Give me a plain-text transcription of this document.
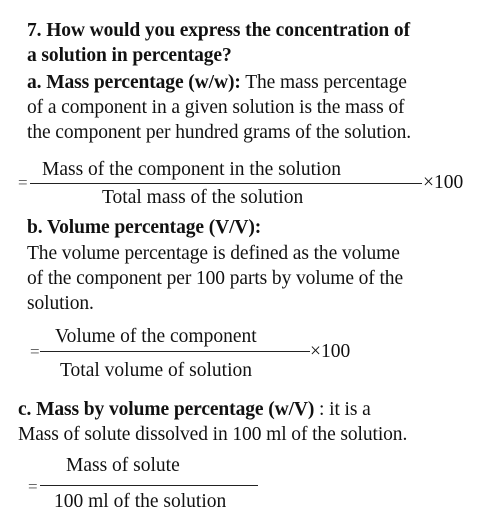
7. How would you express the concentration of
a solution in percentage?
a. Mass percentage (w/w): The mass percentage
of a component in a given solution is the mass of
the component per hundred grams of the solution.
=
Mass of the component in the solution
Total mass of the solution
×100
b. Volume percentage (V/V):
The volume percentage is defined as the volume
of the component per 100 parts by volume of the
solution.
=
Volume of the component
Total volume of solution
×100
c. Mass by volume percentage (w/V) : it is a
Mass of solute dissolved in 100 ml of the solution.
=
Mass of solute
100 ml of the solution
